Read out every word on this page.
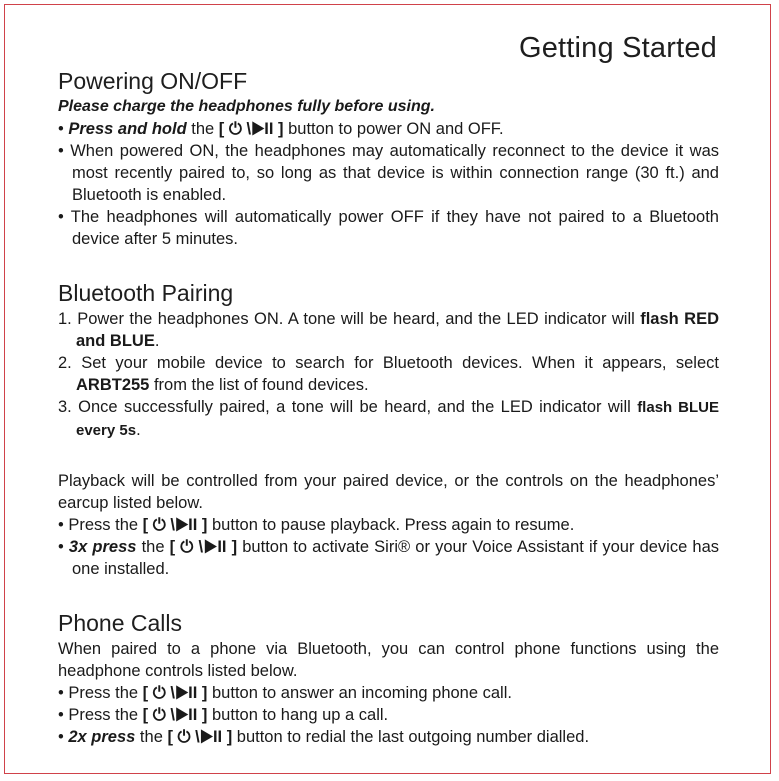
Getting Started
Powering ON/OFF
Please charge the headphones fully before using.
• Press and hold the [ ⏻ \▶II ] button to power ON and OFF.
• When powered ON, the headphones may automatically reconnect to the device it was most recently paired to, so long as that device is within connection range (30 ft.) and Bluetooth is enabled.
• The headphones will automatically power OFF if they have not paired to a Bluetooth device after 5 minutes.
Bluetooth Pairing
1. Power the headphones ON. A tone will be heard, and the LED indicator will flash RED and BLUE.
2. Set your mobile device to search for Bluetooth devices. When it appears, select ARBT255 from the list of found devices.
3. Once successfully paired, a tone will be heard, and the LED indicator will flash BLUE every 5s.
Playback will be controlled from your paired device, or the controls on the headphones’ earcup listed below.
• Press the [ ⏻ \▶II ] button to pause playback. Press again to resume.
• 3x press the [ ⏻ \▶II ] button to activate Siri® or your Voice Assistant if your device has one installed.
Phone Calls
When paired to a phone via Bluetooth, you can control phone functions using the headphone controls listed below.
• Press the [ ⏻ \▶II ] button to answer an incoming phone call.
• Press the [ ⏻ \▶II ] button to hang up a call.
• 2x press the [ ⏻ \▶II ] button to redial the last outgoing number dialled.
